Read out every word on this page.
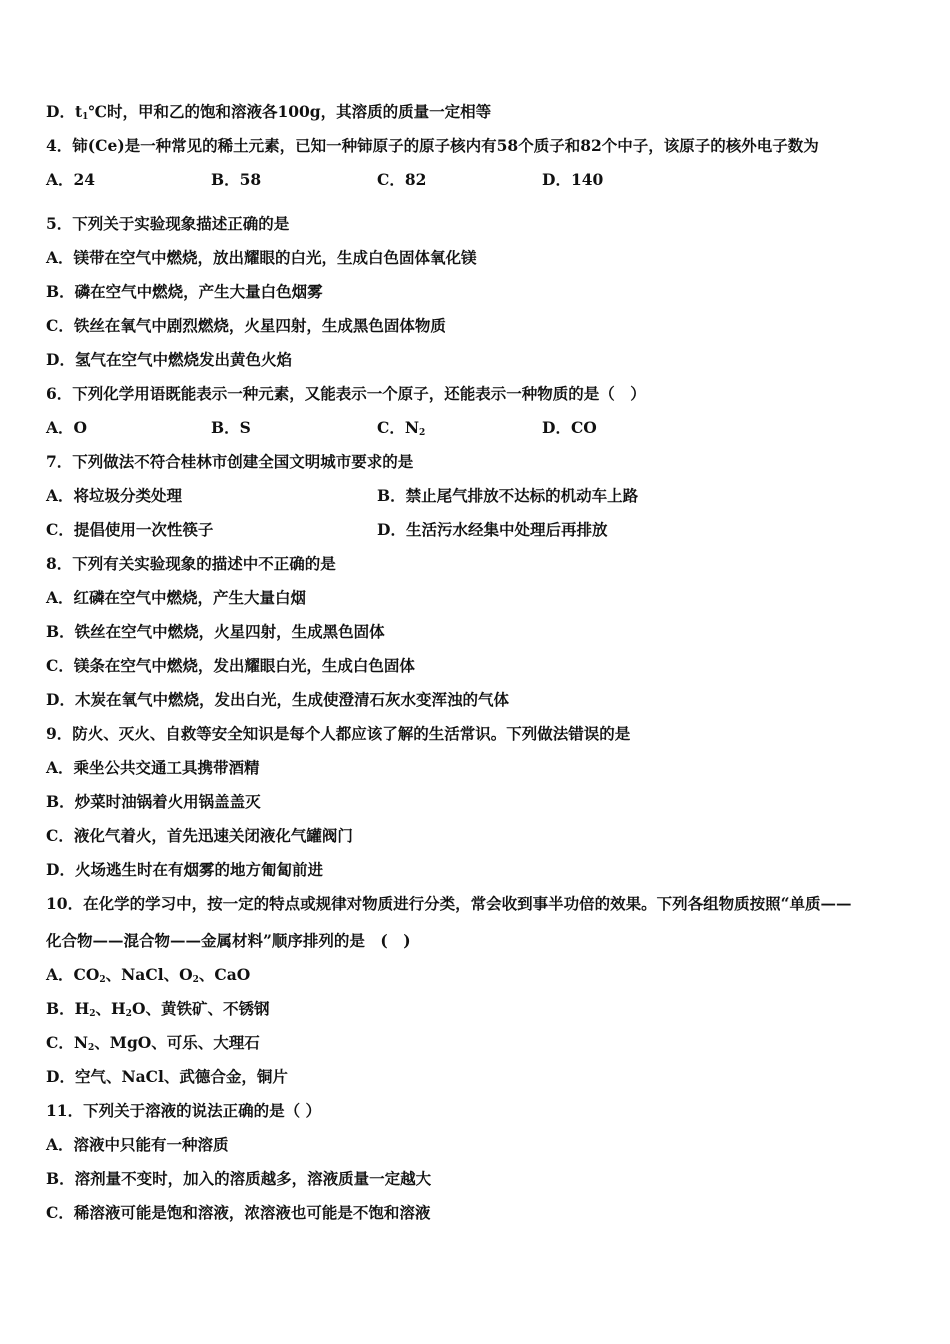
D．$t_1℃$时，甲和乙的饱和溶液各100g，其溶质的质量一定相等
4．铈(Ce)是一种常见的稀土元素，已知一种铈原子的原子核内有58个质子和82个中子，该原子的核外电子数为
A．24	B．58	C．82	D．140
5．下列关于实验现象描述正确的是
A．镁带在空气中燃烧，放出耀眼的白光，生成白色固体氧化镁
B．磷在空气中燃烧，产生大量白色烟雾
C．铁丝在氧气中剧烈燃烧，火星四射，生成黑色固体物质
D．氢气在空气中燃烧发出黄色火焰
6．下列化学用语既能表示一种元素，又能表示一个原子，还能表示一种物质的是（　）
A．O	B．S	C．$N_2$	D．CO
7．下列做法不符合桂林市创建全国文明城市要求的是
A．将垃圾分类处理	B．禁止尾气排放不达标的机动车上路
C．提倡使用一次性筷子	D．生活污水经集中处理后再排放
8．下列有关实验现象的描述中不正确的是
A．红磷在空气中燃烧，产生大量白烟
B．铁丝在空气中燃烧，火星四射，生成黑色固体
C．镁条在空气中燃烧，发出耀眼白光，生成白色固体
D．木炭在氧气中燃烧，发出白光，生成使澄清石灰水变浑浊的气体
9．防火、灭火、自救等安全知识是每个人都应该了解的生活常识。下列做法错误的是
A．乘坐公共交通工具携带酒精
B．炒菜时油锅着火用锅盖盖灭
C．液化气着火，首先迅速关闭液化气罐阀门
D．火场逃生时在有烟雾的地方匍匐前进
10．在化学的学习中，按一定的特点或规律对物质进行分类，常会收到事半功倍的效果。下列各组物质按照“单质——
化合物——混合物——金属材料”顺序排列的是　(　)
A．$CO_2$、NaCl、$O_2$、CaO
B．$H_2$、$H_2O$、黄铁矿、不锈钢
C．$N_2$、MgO、可乐、大理石
D．空气、NaCl、武德合金，铜片
11．下列关于溶液的说法正确的是（ ）
A．溶液中只能有一种溶质
B．溶剂量不变时，加入的溶质越多，溶液质量一定越大
C．稀溶液可能是饱和溶液，浓溶液也可能是不饱和溶液
